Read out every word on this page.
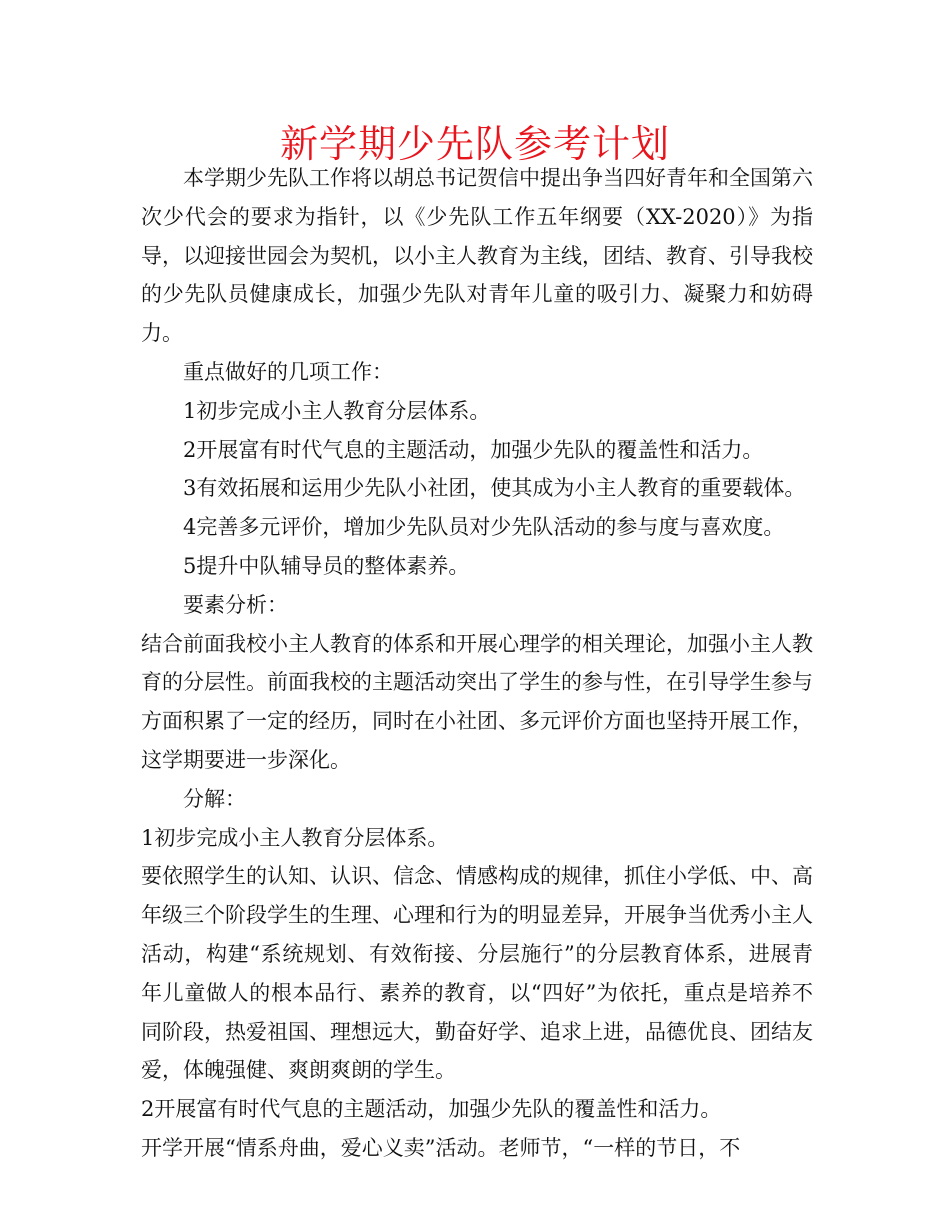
新学期少先队参考计划

本学期少先队工作将以胡总书记贺信中提出争当四好青年和全国第六次少代会的要求为指针，以《少先队工作五年纲要（XX-2020）》为指导，以迎接世园会为契机，以小主人教育为主线，团结、教育、引导我校的少先队员健康成长，加强少先队对青年儿童的吸引力、凝聚力和妨碍力。

重点做好的几项工作：

1初步完成小主人教育分层体系。

2开展富有时代气息的主题活动，加强少先队的覆盖性和活力。

3有效拓展和运用少先队小社团，使其成为小主人教育的重要载体。

4完善多元评价，增加少先队员对少先队活动的参与度与喜欢度。

5提升中队辅导员的整体素养。

要素分析：

结合前面我校小主人教育的体系和开展心理学的相关理论，加强小主人教育的分层性。前面我校的主题活动突出了学生的参与性，在引导学生参与方面积累了一定的经历，同时在小社团、多元评价方面也坚持开展工作，这学期要进一步深化。

分解：

1初步完成小主人教育分层体系。

要依照学生的认知、认识、信念、情感构成的规律，抓住小学低、中、高年级三个阶段学生的生理、心理和行为的明显差异，开展争当优秀小主人活动，构建“系统规划、有效衔接、分层施行”的分层教育体系，进展青年儿童做人的根本品行、素养的教育，以“四好”为依托，重点是培养不同阶段，热爱祖国、理想远大，勤奋好学、追求上进，品德优良、团结友爱，体魄强健、爽朗爽朗的学生。

2开展富有时代气息的主题活动，加强少先队的覆盖性和活力。

开学开展“情系舟曲，爱心义卖”活动。老师节，“一样的节日，不
